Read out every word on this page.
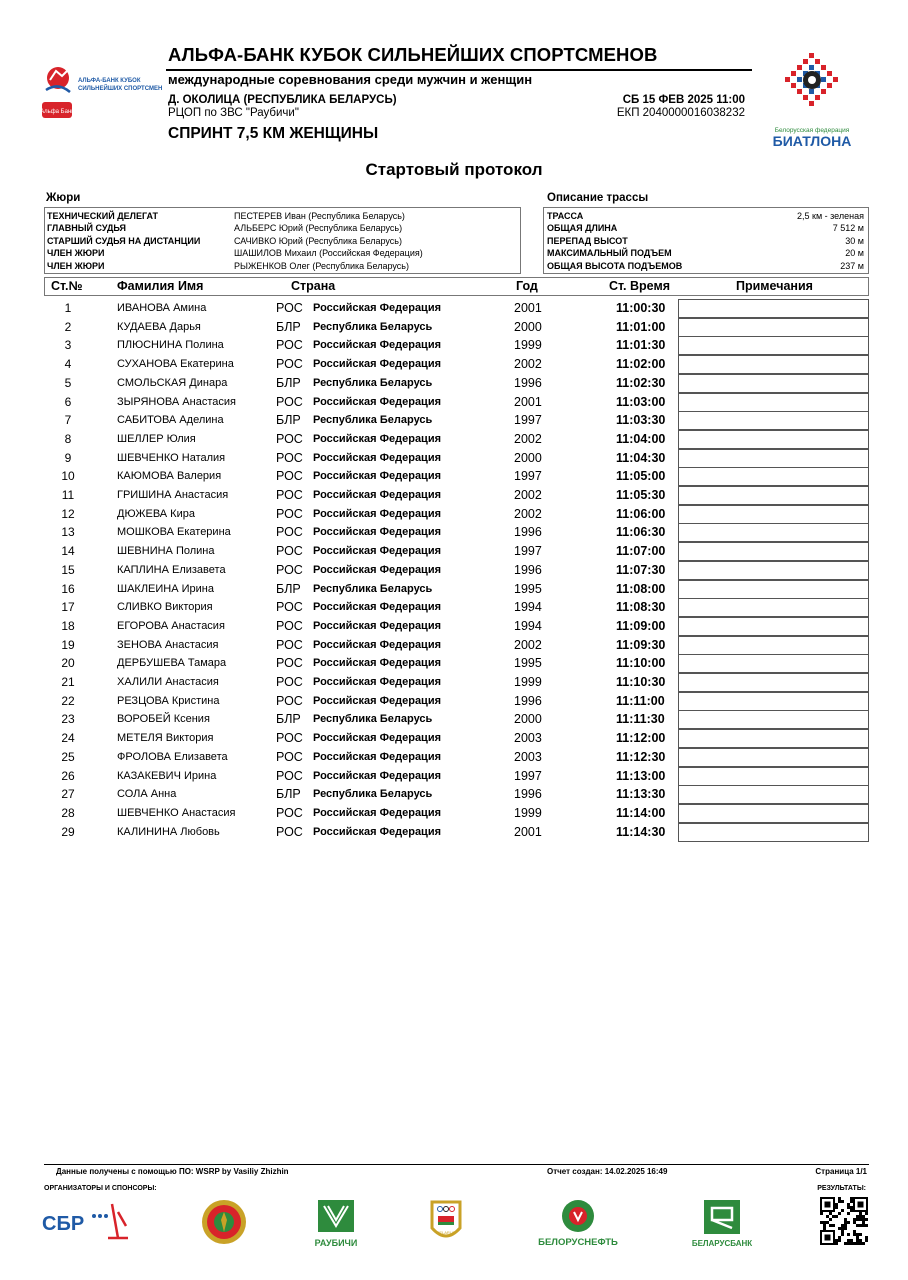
Альфа Банк
АЛЬФА-БАНК КУБОК
СИЛЬНЕЙШИХ СПОРТСМЕНОВ
Белорусская федерация
БИАТЛОНА
АЛЬФА-БАНК КУБОК СИЛЬНЕЙШИХ СПОРТСМЕНОВ
международные соревнования среди мужчин и женщин
Д. ОКОЛИЦА (РЕСПУБЛИКА БЕЛАРУСЬ)
РЦОП по ЗВС "Раубичи"
СБ 15 ФЕВ 2025 11:00
ЕКП 2040000016038232
СПРИНТ 7,5 КМ ЖЕНЩИНЫ
Стартовый протокол
Жюри
ТЕХНИЧЕСКИЙ ДЕЛЕГАТ	ПЕСТЕРЕВ Иван (Республика Беларусь)
ГЛАВНЫЙ СУДЬЯ	АЛЬБЕРС Юрий (Республика Беларусь)
СТАРШИЙ СУДЬЯ НА ДИСТАНЦИИ	САЧИВКО Юрий (Республика Беларусь)
ЧЛЕН ЖЮРИ	ШАШИЛОВ Михаил (Российская Федерация)
ЧЛЕН ЖЮРИ	РЫЖЕНКОВ Олег (Республика Беларусь)
Описание трассы
ТРАССА	2,5 км - зеленая
ОБЩАЯ ДЛИНА	7 512 м
ПЕРЕПАД ВЫСОТ	30 м
МАКСИМАЛЬНЫЙ ПОДЪЕМ	20 м
ОБЩАЯ ВЫСОТА ПОДЪЕМОВ	237 м
Ст.№	Фамилия Имя	Страна	Год	Ст. Время	Примечания
1	ИВАНОВА Амина	РОС Российская Федерация	2001	11:00:30
2	КУДАЕВА Дарья	БЛР Республика Беларусь	2000	11:01:00
3	ПЛЮСНИНА Полина	РОС Российская Федерация	1999	11:01:30
4	СУХАНОВА Екатерина	РОС Российская Федерация	2002	11:02:00
5	СМОЛЬСКАЯ Динара	БЛР Республика Беларусь	1996	11:02:30
6	ЗЫРЯНОВА Анастасия	РОС Российская Федерация	2001	11:03:00
7	САБИТОВА Аделина	БЛР Республика Беларусь	1997	11:03:30
8	ШЕЛЛЕР Юлия	РОС Российская Федерация	2002	11:04:00
9	ШЕВЧЕНКО Наталия	РОС Российская Федерация	2000	11:04:30
10	КАЮМОВА Валерия	РОС Российская Федерация	1997	11:05:00
11	ГРИШИНА Анастасия	РОС Российская Федерация	2002	11:05:30
12	ДЮЖЕВА Кира	РОС Российская Федерация	2002	11:06:00
13	МОШКОВА Екатерина	РОС Российская Федерация	1996	11:06:30
14	ШЕВНИНА Полина	РОС Российская Федерация	1997	11:07:00
15	КАПЛИНА Елизавета	РОС Российская Федерация	1996	11:07:30
16	ШАКЛЕИНА Ирина	БЛР Республика Беларусь	1995	11:08:00
17	СЛИВКО Виктория	РОС Российская Федерация	1994	11:08:30
18	ЕГОРОВА Анастасия	РОС Российская Федерация	1994	11:09:00
19	ЗЕНОВА Анастасия	РОС Российская Федерация	2002	11:09:30
20	ДЕРБУШЕВА Тамара	РОС Российская Федерация	1995	11:10:00
21	ХАЛИЛИ Анастасия	РОС Российская Федерация	1999	11:10:30
22	РЕЗЦОВА Кристина	РОС Российская Федерация	1996	11:11:00
23	ВОРОБЕЙ Ксения	БЛР Республика Беларусь	2000	11:11:30
24	МЕТЕЛЯ Виктория	РОС Российская Федерация	2003	11:12:00
25	ФРОЛОВА Елизавета	РОС Российская Федерация	2003	11:12:30
26	КАЗАКЕВИЧ Ирина	РОС Российская Федерация	1997	11:13:00
27	СОЛА Анна	БЛР Республика Беларусь	1996	11:13:30
28	ШЕВЧЕНКО Анастасия	РОС Российская Федерация	1999	11:14:00
29	КАЛИНИНА Любовь	РОС Российская Федерация	2001	11:14:30
Данные получены с помощью ПО: WSRP by Vasiliy Zhizhin	Отчет создан: 14.02.2025 16:49	Страница 1/1
ОРГАНИЗАТОРЫ И СПОНСОРЫ:	РЕЗУЛЬТАТЫ:
СБР
РАУБИЧИ
BELARUS
БЕЛОРУСНЕФТЬ	БЕЛАРУСБАНК
